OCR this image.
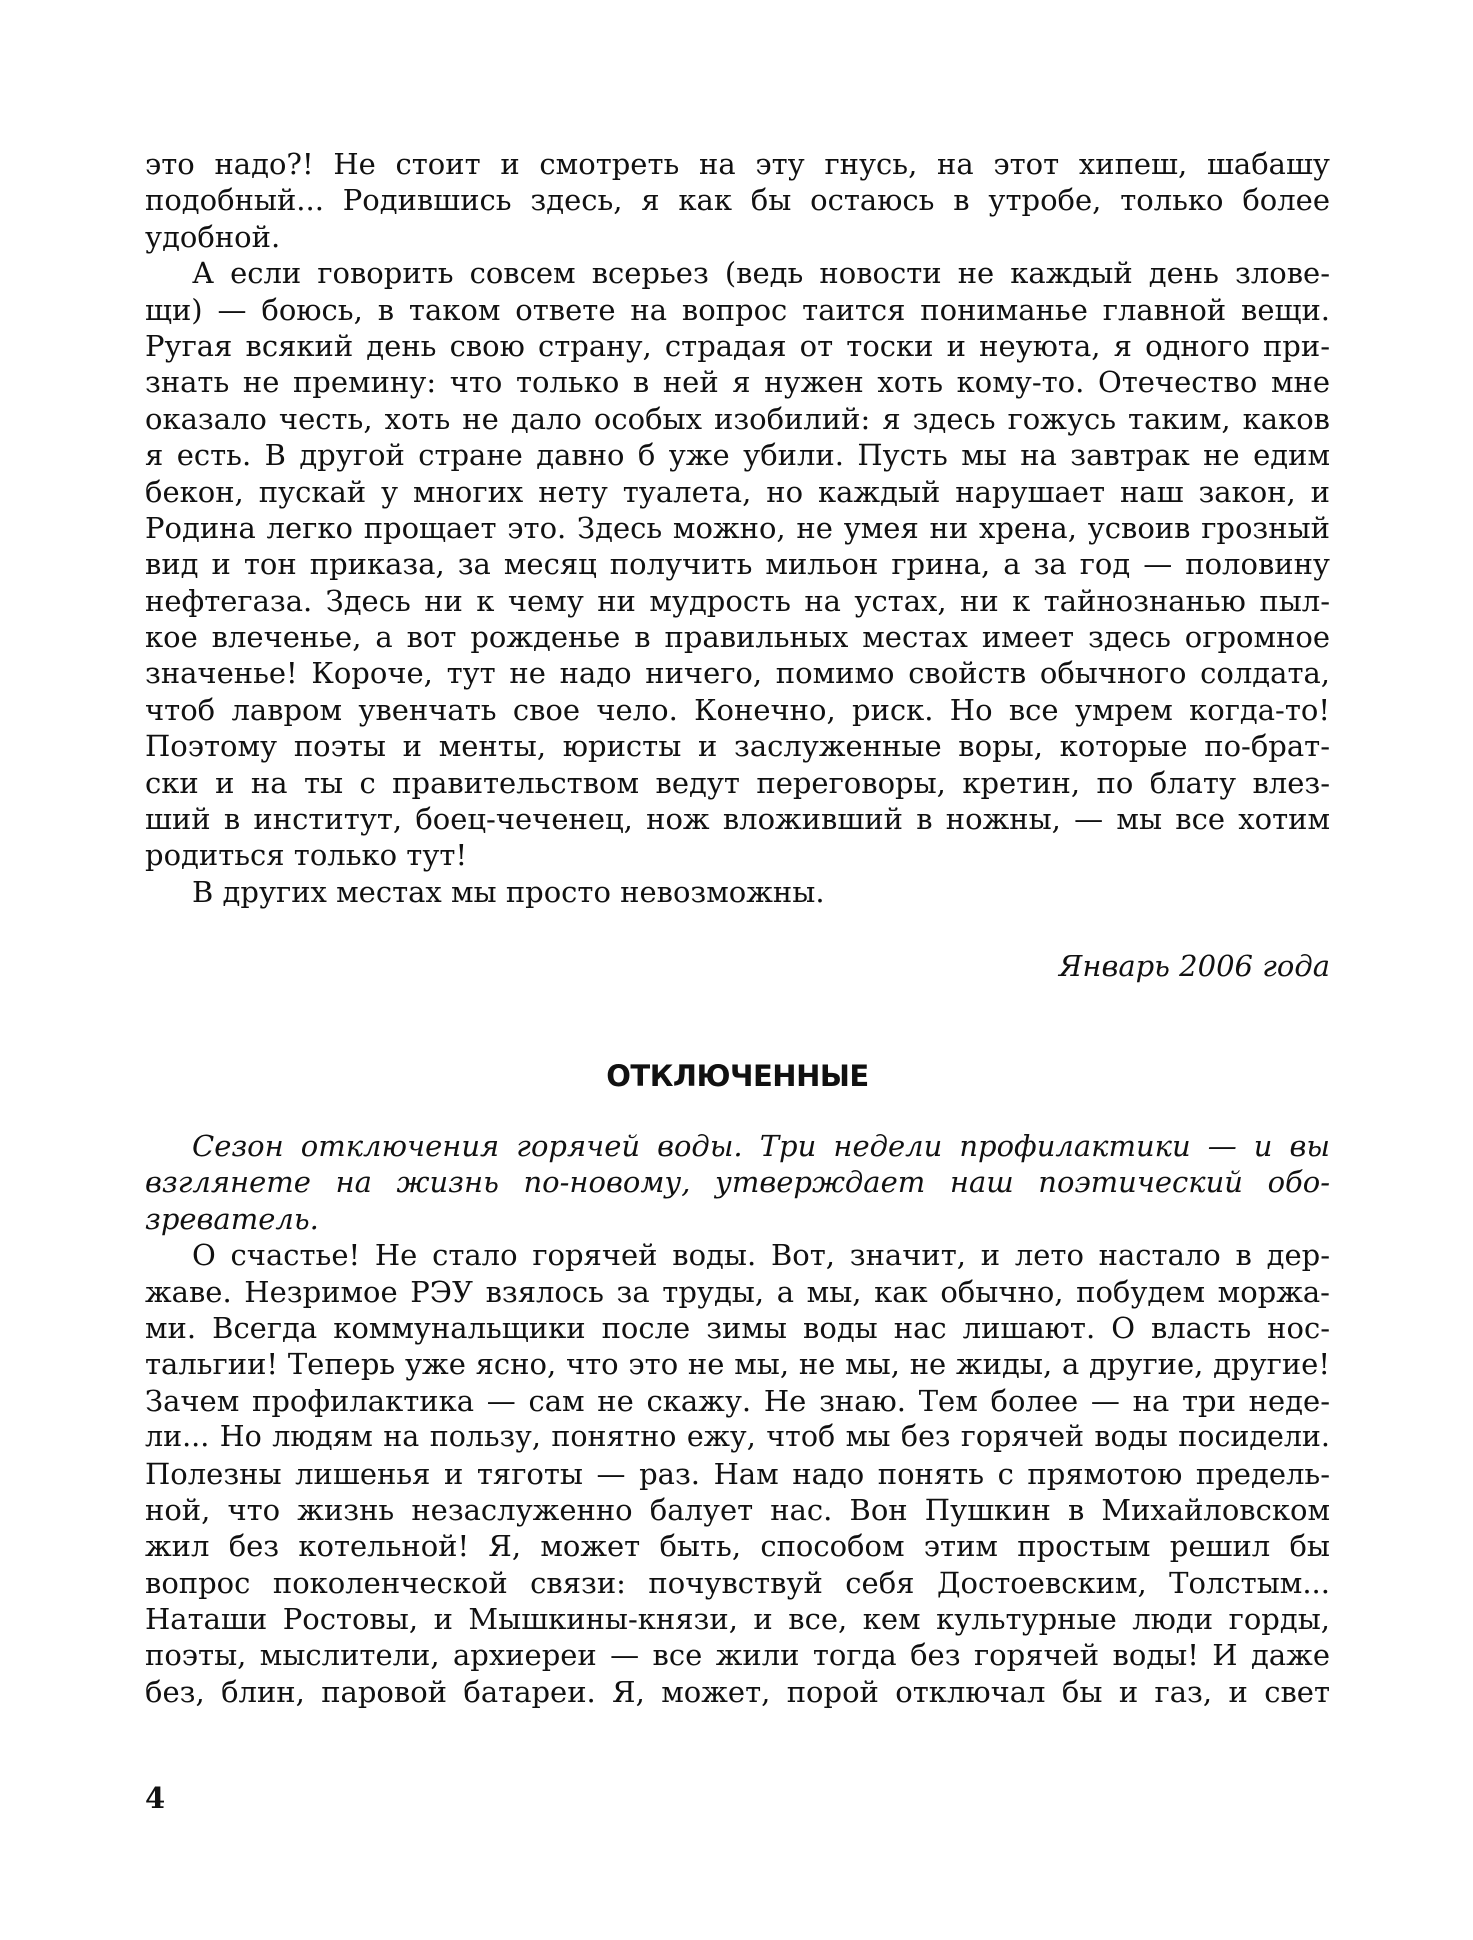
это надо?! Не стоит и смотреть на эту гнусь, на этот хипеш, шабашу
подобный... Родившись здесь, я как бы остаюсь в утробе, только более
удобной.
А если говорить совсем всерьез (ведь новости не каждый день злове-
щи) — боюсь, в таком ответе на вопрос таится пониманье главной вещи.
Ругая всякий день свою страну, страдая от тоски и неуюта, я одного при-
знать не премину: что только в ней я нужен хоть кому-то. Отечество мне
оказало честь, хоть не дало особых изобилий: я здесь гожусь таким, каков
я есть. В другой стране давно б уже убили. Пусть мы на завтрак не едим
бекон, пускай у многих нету туалета, но каждый нарушает наш закон, и
Родина легко прощает это. Здесь можно, не умея ни хрена, усвоив грозный
вид и тон приказа, за месяц получить мильон грина, а за год — половину
нефтегаза. Здесь ни к чему ни мудрость на устах, ни к тайнознанью пыл-
кое влеченье, а вот рожденье в правильных местах имеет здесь огромное
значенье! Короче, тут не надо ничего, помимо свойств обычного солдата,
чтоб лавром увенчать свое чело. Конечно, риск. Но все умрем когда-то!
Поэтому поэты и менты, юристы и заслуженные воры, которые по-брат-
ски и на ты с правительством ведут переговоры, кретин, по блату влез-
ший в институт, боец-чеченец, нож вложивший в ножны, — мы все хотим
родиться только тут!
В других местах мы просто невозможны.
Январь 2006 года
ОТКЛЮЧЕННЫЕ
Сезон отключения горячей воды. Три недели профилактики — и вы
взглянете на жизнь по-новому, утверждает наш поэтический обо-
зреватель.
О счастье! Не стало горячей воды. Вот, значит, и лето настало в дер-
жаве. Незримое РЭУ взялось за труды, а мы, как обычно, побудем моржа-
ми. Всегда коммунальщики после зимы воды нас лишают. О власть нос-
тальгии! Теперь уже ясно, что это не мы, не мы, не жиды, а другие, другие!
Зачем профилактика — сам не скажу. Не знаю. Тем более — на три неде-
ли... Но людям на пользу, понятно ежу, чтоб мы без горячей воды посидели.
Полезны лишенья и тяготы — раз. Нам надо понять с прямотою предель-
ной, что жизнь незаслуженно балует нас. Вон Пушкин в Михайловском
жил без котельной! Я, может быть, способом этим простым решил бы
вопрос поколенческой связи: почувствуй себя Достоевским, Толстым...
Наташи Ростовы, и Мышкины-князи, и все, кем культурные люди горды,
поэты, мыслители, архиереи — все жили тогда без горячей воды! И даже
без, блин, паровой батареи. Я, может, порой отключал бы и газ, и свет
4
